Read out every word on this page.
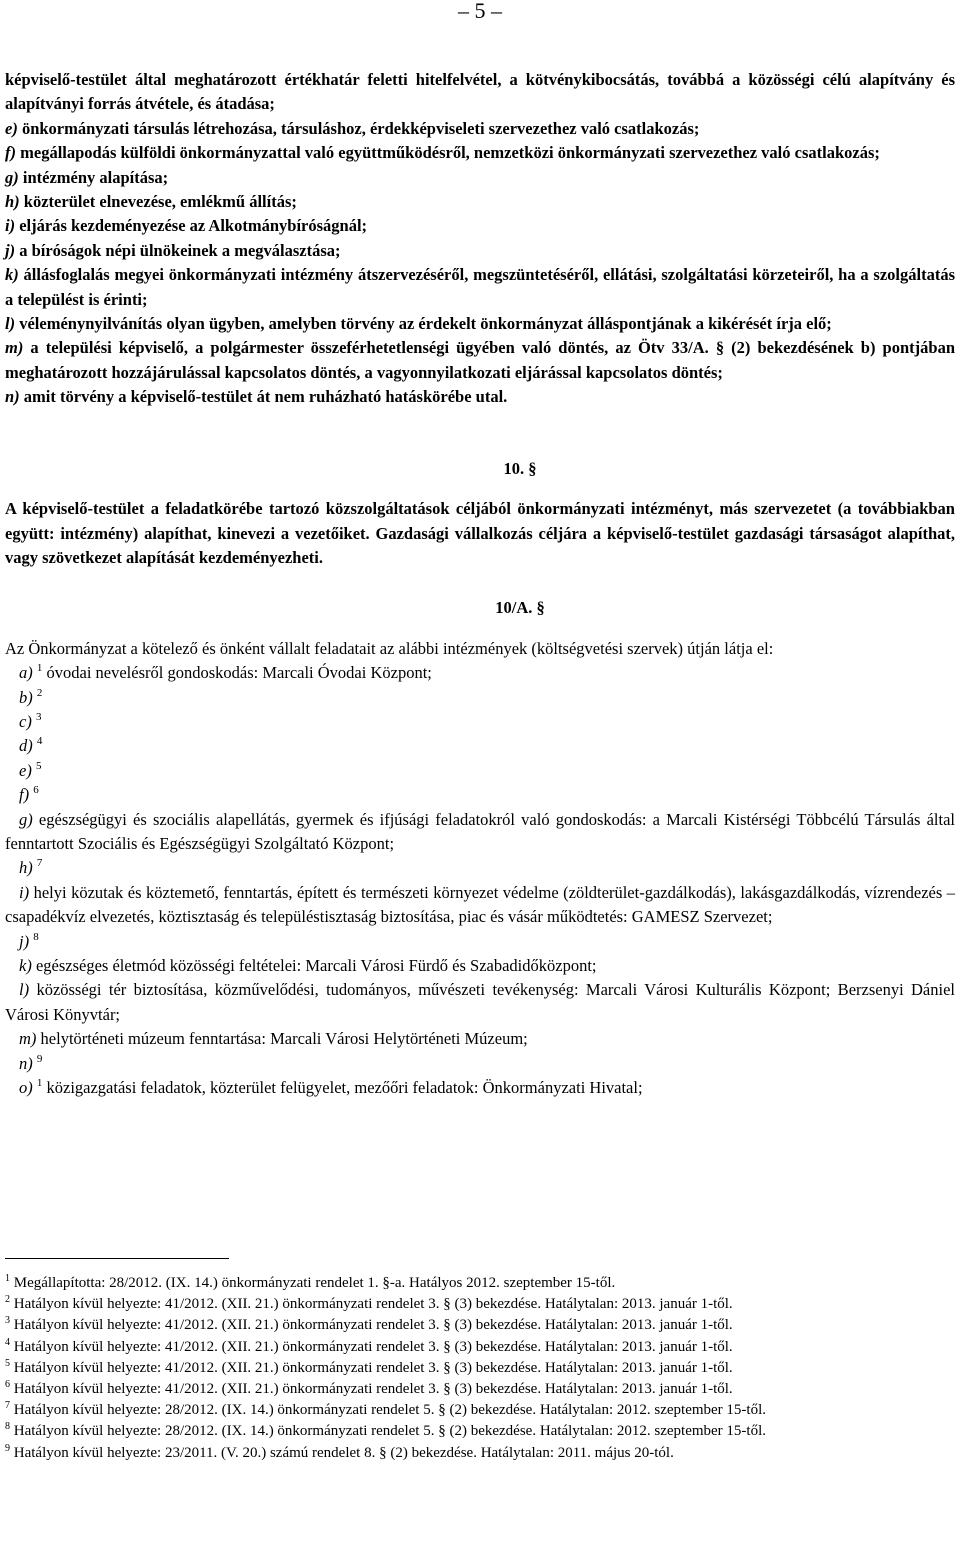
– 5 –

képviselő-testület által meghatározott értékhatár feletti hitelfelvétel, a kötvénykibocsátás, továbbá a közösségi célú alapítvány és alapítványi forrás átvétele, és átadása;

e) önkormányzati társulás létrehozása, társuláshoz, érdekképviseleti szervezethez való csatlakozás;

f) megállapodás külföldi önkormányzattal való együttműködésről, nemzetközi önkormányzati szervezethez való csatlakozás;

g) intézmény alapítása;

h) közterület elnevezése, emlékmű állítás;

i) eljárás kezdeményezése az Alkotmánybíróságnál;

j) a bíróságok népi ülnökeinek a megválasztása;

k) állásfoglalás megyei önkormányzati intézmény átszervezéséről, megszüntetéséről, ellátási, szolgáltatási körzeteiről, ha a szolgáltatás a települést is érinti;

l) véleménynyilvánítás olyan ügyben, amelyben törvény az érdekelt önkormányzat álláspontjának a kikérését írja elő;

m) a települési képviselő, a polgármester összeférhetetlenségi ügyében való döntés, az Ötv 33/A. § (2) bekezdésének b) pontjában meghatározott hozzájárulással kapcsolatos döntés, a vagyonnyilatkozati eljárással kapcsolatos döntés;

n) amit törvény a képviselő-testület át nem ruházható hatáskörébe utal.

10. §

A képviselő-testület a feladatkörébe tartozó közszolgáltatások céljából önkormányzati intézményt, más szervezetet (a továbbiakban együtt: intézmény) alapíthat, kinevezi a vezetőiket. Gazdasági vállalkozás céljára a képviselő-testület gazdasági társaságot alapíthat, vagy szövetkezet alapítását kezdeményezheti.

10/A. §

Az Önkormányzat a kötelező és önként vállalt feladatait az alábbi intézmények (költségvetési szervek) útján látja el:

a) $^1$ óvodai nevelésről gondoskodás: Marcali Óvodai Központ;

b) $^2$

c) $^3$

d) $^4$

e) $^5$

f) $^6$

g) egészségügyi és szociális alapellátás, gyermek és ifjúsági feladatokról való gondoskodás: a Marcali Kistérségi Többcélú Társulás által fenntartott Szociális és Egészségügyi Szolgáltató Központ;

h) $^7$

i) helyi közutak és köztemető, fenntartás, épített és természeti környezet védelme (zöldterület-gazdálkodás), lakásgazdálkodás, vízrendezés – csapadékvíz elvezetés, köztisztaság és településtisztaság biztosítása, piac és vásár működtetés: GAMESZ Szervezet;

j) $^8$

k) egészséges életmód közösségi feltételei: Marcali Városi Fürdő és Szabadidőközpont;

l) közösségi tér biztosítása, közművelődési, tudományos, művészeti tevékenység: Marcali Városi Kulturális Központ; Berzsenyi Dániel Városi Könyvtár;

m) helytörténeti múzeum fenntartása: Marcali Városi Helytörténeti Múzeum;

n) $^9$

o) $^1$ közigazgatási feladatok, közterület felügyelet, mezőőri feladatok: Önkormányzati Hivatal;

$^1$ Megállapította: 28/2012. (IX. 14.) önkormányzati rendelet 1. §-a. Hatályos 2012. szeptember 15-től.

$^2$ Hatályon kívül helyezte: 41/2012. (XII. 21.) önkormányzati rendelet 3. § (3) bekezdése. Hatálytalan: 2013. január 1-től.

$^3$ Hatályon kívül helyezte: 41/2012. (XII. 21.) önkormányzati rendelet 3. § (3) bekezdése. Hatálytalan: 2013. január 1-től.

$^4$ Hatályon kívül helyezte: 41/2012. (XII. 21.) önkormányzati rendelet 3. § (3) bekezdése. Hatálytalan: 2013. január 1-től.

$^5$ Hatályon kívül helyezte: 41/2012. (XII. 21.) önkormányzati rendelet 3. § (3) bekezdése. Hatálytalan: 2013. január 1-től.

$^6$ Hatályon kívül helyezte: 41/2012. (XII. 21.) önkormányzati rendelet 3. § (3) bekezdése. Hatálytalan: 2013. január 1-től.

$^7$ Hatályon kívül helyezte: 28/2012. (IX. 14.) önkormányzati rendelet 5. § (2) bekezdése. Hatálytalan: 2012. szeptember 15-től.

$^8$ Hatályon kívül helyezte: 28/2012. (IX. 14.) önkormányzati rendelet 5. § (2) bekezdése. Hatálytalan: 2012. szeptember 15-től.

$^9$ Hatályon kívül helyezte: 23/2011. (V. 20.) számú rendelet 8. § (2) bekezdése. Hatálytalan: 2011. május 20-tól.
